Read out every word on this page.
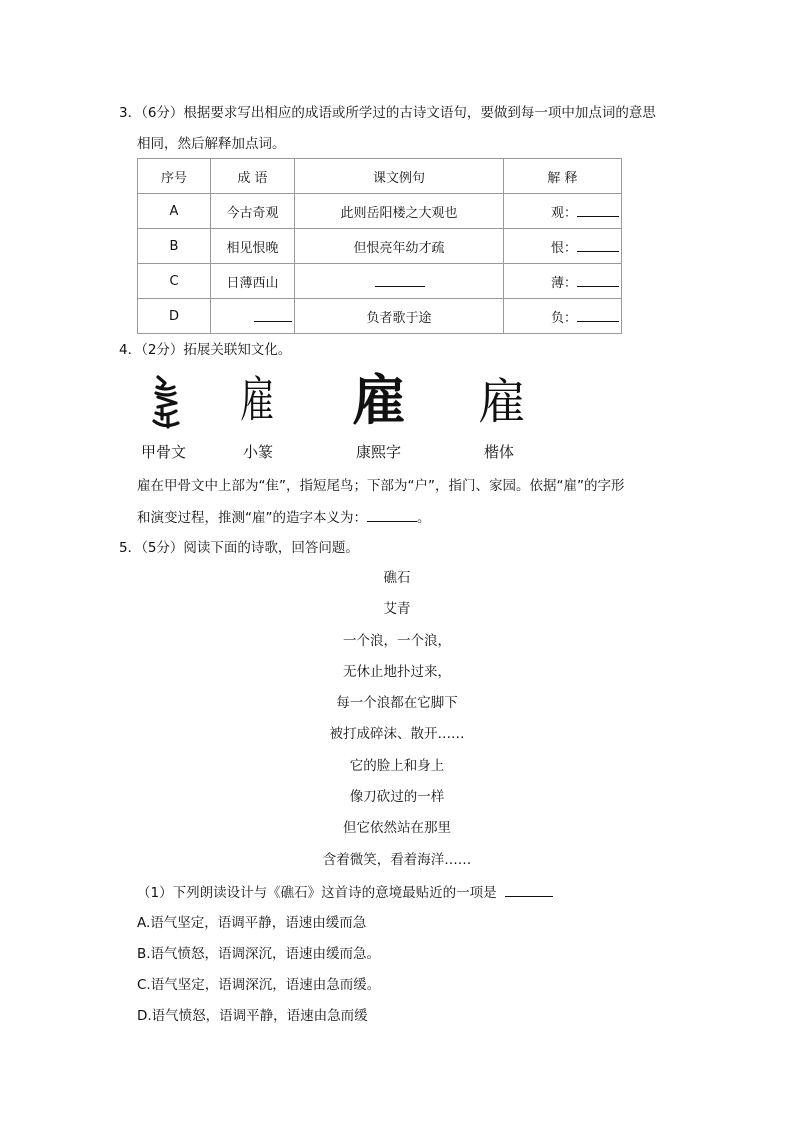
3．（6分）根据要求写出相应的成语或所学过的古诗文语句，要做到每一项中加点词的意思
相同，然后解释加点词。
序号	成 语	课文例句	解 释
A	今古奇观	此则岳阳楼之大观也	观：
B	相见恨晚	但恨亮年幼才疏	恨：
C	日薄西山		薄：
D		负者歌于途	负：
4．（2分）拓展关联知文化。
雇 雇 雇
甲骨文	小篆	康熙字	楷体
雇在甲骨文中上部为“隹”，指短尾鸟；下部为“户”，指门、家园。依据“雇”的字形
和演变过程，推测“雇”的造字本义为：	。
5．（5分）阅读下面的诗歌，回答问题。
礁石
艾青
一个浪，一个浪，
无休止地扑过来，
每一个浪都在它脚下
被打成碎沫、散开……
它的脸上和身上
像刀砍过的一样
但它依然站在那里
含着微笑，看着海洋……
（1）下列朗读设计与《礁石》这首诗的意境最贴近的一项是
A.语气坚定，语调平静，语速由缓而急
B.语气愤怒，语调深沉，语速由缓而急。
C.语气坚定，语调深沉，语速由急而缓。
D.语气愤怒，语调平静，语速由急而缓
